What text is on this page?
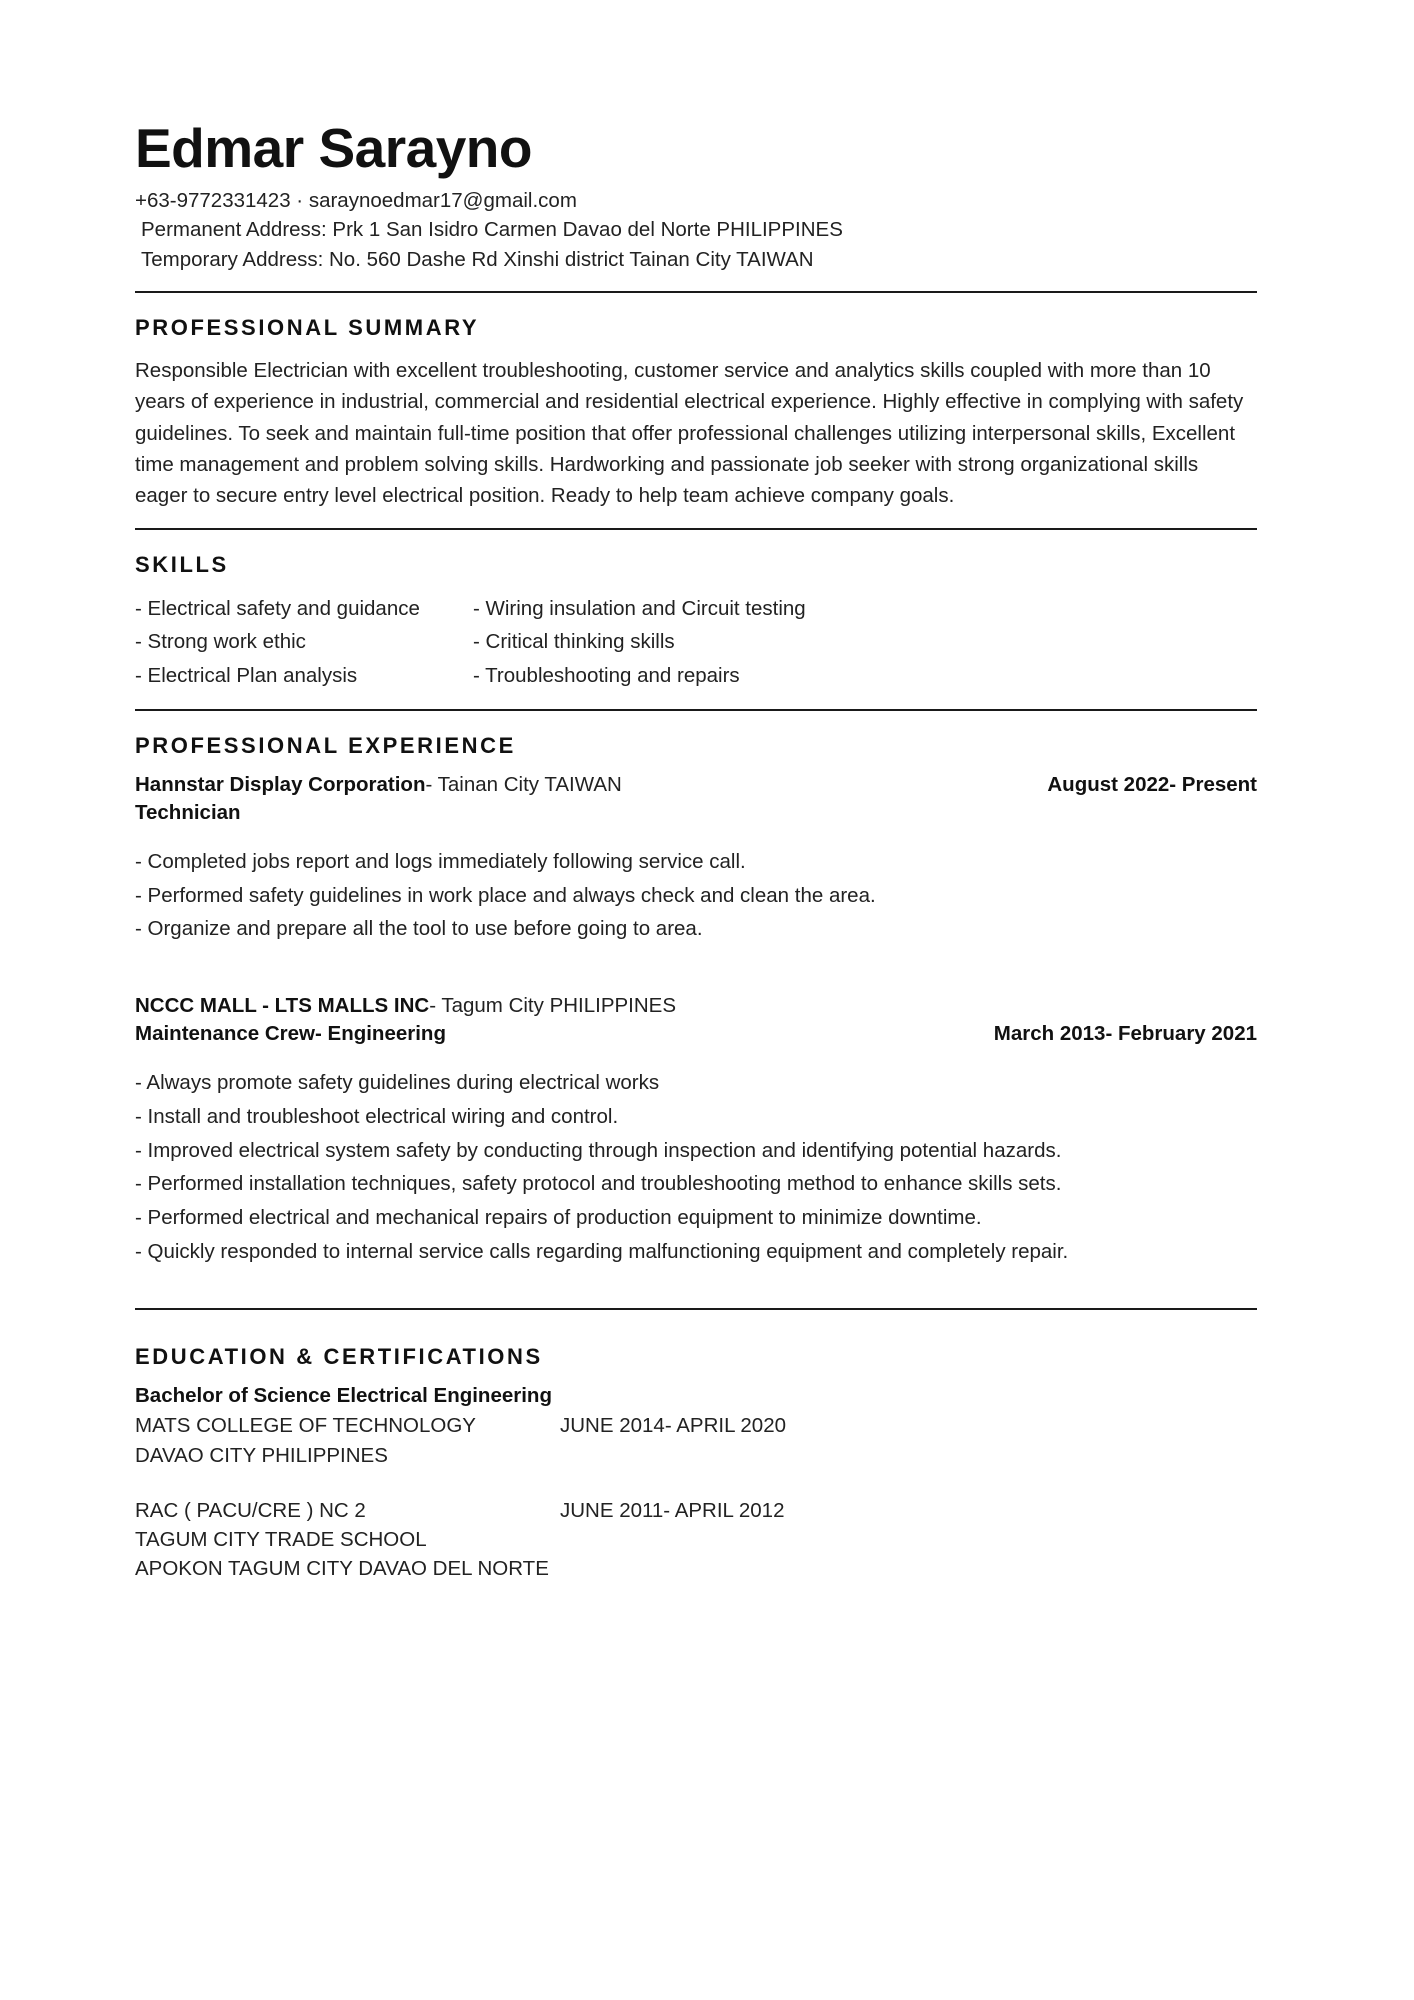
Edmar Sarayno
+63-9772331423 · saraynoedmar17@gmail.com
Permanent Address: Prk 1 San Isidro Carmen Davao del Norte PHILIPPINES
Temporary Address: No. 560 Dashe Rd Xinshi district Tainan City TAIWAN
PROFESSIONAL SUMMARY
Responsible Electrician with excellent troubleshooting, customer service and analytics skills coupled with more than 10 years of experience in industrial, commercial and residential electrical experience. Highly effective in complying with safety guidelines. To seek and maintain full-time position that offer professional challenges utilizing interpersonal skills, Excellent time management and problem solving skills. Hardworking and passionate job seeker with strong organizational skills eager to secure entry level electrical position. Ready to help team achieve company goals.
SKILLS
- Electrical safety and guidance
- Strong work ethic
- Electrical Plan analysis
- Wiring insulation and Circuit testing
- Critical thinking skills
- Troubleshooting and repairs
PROFESSIONAL EXPERIENCE
Hannstar Display Corporation- Tainan City TAIWAN	August 2022- Present
Technician
- Completed jobs report and logs immediately following service call.
- Performed safety guidelines in work place and always check and clean the area.
- Organize and prepare all the tool to use before going to area.
NCCC MALL - LTS MALLS INC- Tagum City PHILIPPINES
Maintenance Crew- Engineering	March 2013- February 2021
- Always promote safety guidelines during electrical works
- Install and troubleshoot electrical wiring and control.
- Improved electrical system safety by conducting through inspection and identifying potential hazards.
- Performed installation techniques, safety protocol and troubleshooting method to enhance skills sets.
- Performed electrical and mechanical repairs of production equipment to minimize downtime.
- Quickly responded to internal service calls regarding malfunctioning equipment and completely repair.
EDUCATION & CERTIFICATIONS
Bachelor of Science Electrical Engineering
MATS COLLEGE OF TECHNOLOGY	JUNE 2014- APRIL 2020
DAVAO CITY PHILIPPINES
RAC ( PACU/CRE ) NC 2	JUNE 2011- APRIL 2012
TAGUM CITY TRADE SCHOOL
APOKON TAGUM CITY DAVAO DEL NORTE
